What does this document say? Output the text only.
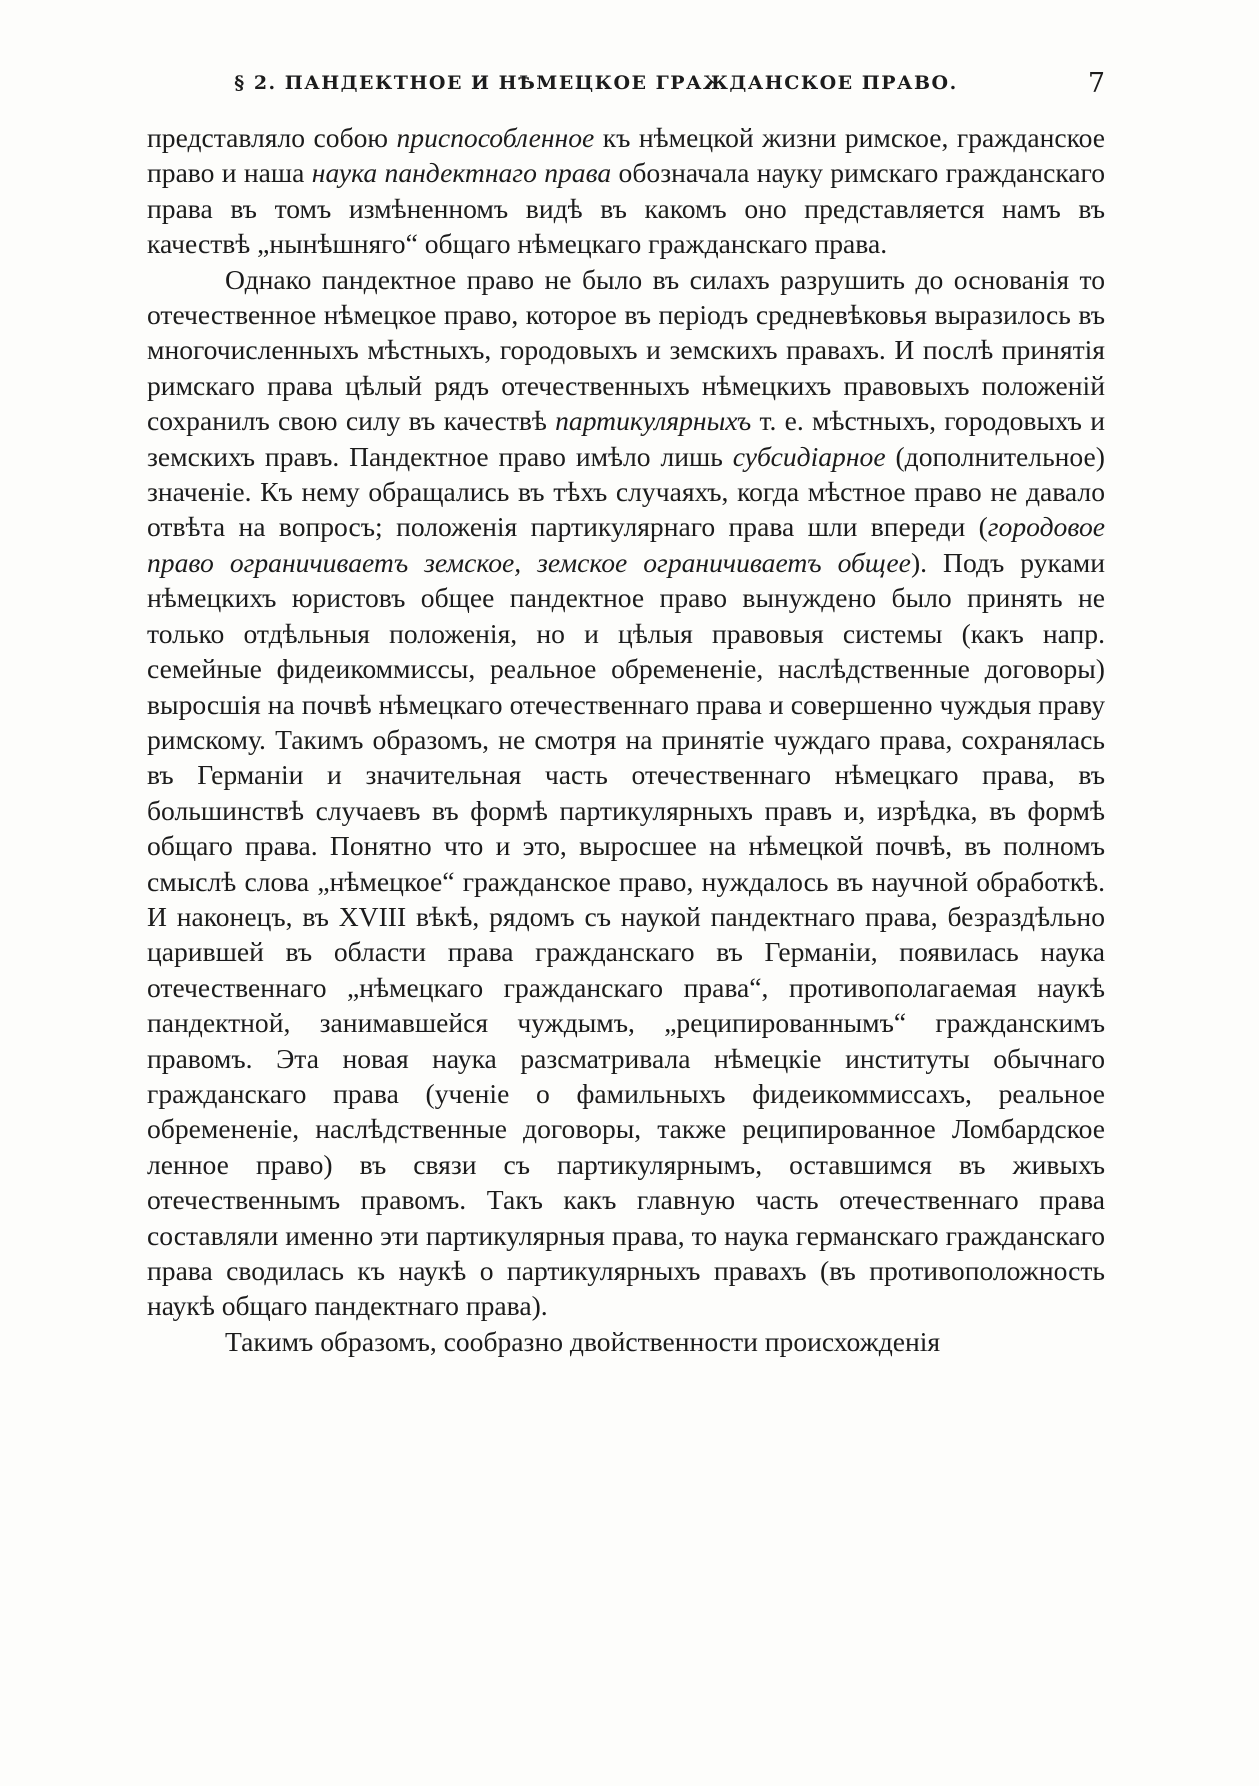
§ 2. ПАНДЕКТНОЕ И НѢМЕЦКОЕ ГРАЖДАНСКОЕ ПРАВО.	7

представляло собою приспособленное къ нѣмецкой жизни римское, гражданское право и наша наука пандектнаго права обозначала науку римскаго гражданскаго права въ томъ измѣненномъ видѣ въ какомъ оно представляется намъ въ качествѣ „нынѣшняго“ общаго нѣмецкаго гражданскаго права.

Однако пандектное право не было въ силахъ разрушить до основанія то отечественное нѣмецкое право, которое въ періодъ средневѣковья выразилось въ многочисленныхъ мѣстныхъ, городовыхъ и земскихъ правахъ. И послѣ принятія римскаго права цѣлый рядъ отечественныхъ нѣмецкихъ правовыхъ положеній сохранилъ свою силу въ качествѣ партикулярныхъ т. е. мѣстныхъ, городовыхъ и земскихъ правъ. Пандектное право имѣло лишь субсидіарное (дополнительное) значеніе. Къ нему обращались въ тѣхъ случаяхъ, когда мѣстное право не давало отвѣта на вопросъ; положенія партикулярнаго права шли впереди (городовое право ограничиваетъ земское, земское ограничиваетъ общее). Подъ руками нѣмецкихъ юристовъ общее пандектное право вынуждено было принять не только отдѣльныя положенія, но и цѣлыя правовыя системы (какъ напр. семейные фидеикоммиссы, реальное обремененіе, наслѣдственные договоры) выросшія на почвѣ нѣмецкаго отечественнаго права и совершенно чуждыя праву римскому. Такимъ образомъ, не смотря на принятіе чуждаго права, сохранялась въ Германіи и значительная часть отечественнаго нѣмецкаго права, въ большинствѣ случаевъ въ формѣ партикулярныхъ правъ и, изрѣдка, въ формѣ общаго права. Понятно что и это, выросшее на нѣмецкой почвѣ, въ полномъ смыслѣ слова „нѣмецкое“ гражданское право, нуждалось въ научной обработкѣ. И наконецъ, въ XVIII вѣкѣ, рядомъ съ наукой пандектнаго права, безраздѣльно царившей въ области права гражданскаго въ Германіи, появилась наука отечественнаго „нѣмецкаго гражданскаго права“, противополагаемая наукѣ пандектной, занимавшейся чуждымъ, „реципированнымъ“ гражданскимъ правомъ. Эта новая наука разсматривала нѣмецкіе институты обычнаго гражданскаго права (ученіе о фамильныхъ фидеикоммиссахъ, реальное обремененіе, наслѣдственные договоры, также реципированное Ломбардское ленное право) въ связи съ партикулярнымъ, оставшимся въ живыхъ отечественнымъ правомъ. Такъ какъ главную часть отечественнаго права составляли именно эти партикулярныя права, то наука германскаго гражданскаго права сводилась къ наукѣ о партикулярныхъ правахъ (въ противоположность наукѣ общаго пандектнаго права).

Такимъ образомъ, сообразно двойственности происхожденія
